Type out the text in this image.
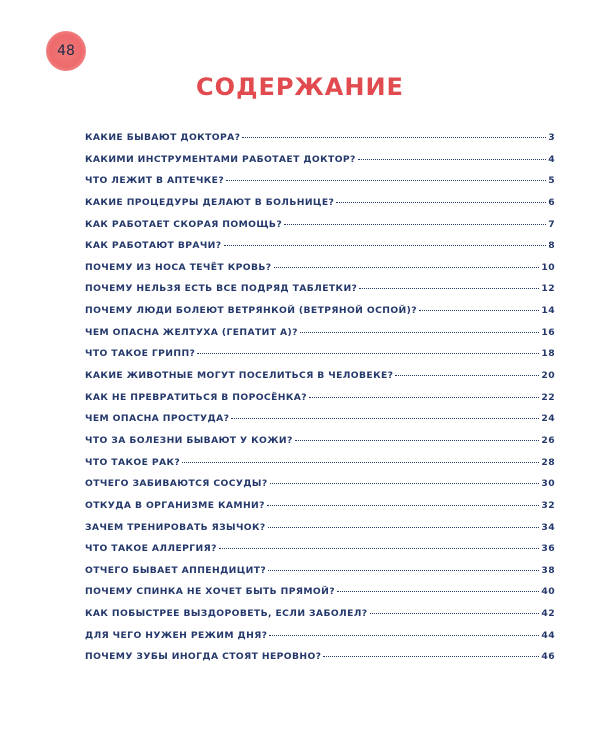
48
СОДЕРЖАНИЕ
КАКИЕ БЫВАЮТ ДОКТОРА?	3
КАКИМИ ИНСТРУМЕНТАМИ РАБОТАЕТ ДОКТОР?	4
ЧТО ЛЕЖИТ В АПТЕЧКЕ?	5
КАКИЕ ПРОЦЕДУРЫ ДЕЛАЮТ В БОЛЬНИЦЕ?	6
КАК РАБОТАЕТ СКОРАЯ ПОМОЩЬ?	7
КАК РАБОТАЮТ ВРАЧИ?	8
ПОЧЕМУ ИЗ НОСА ТЕЧЁТ КРОВЬ?	10
ПОЧЕМУ НЕЛЬЗЯ ЕСТЬ ВСЕ ПОДРЯД ТАБЛЕТКИ?	12
ПОЧЕМУ ЛЮДИ БОЛЕЮТ ВЕТРЯНКОЙ (ВЕТРЯНОЙ ОСПОЙ)?	14
ЧЕМ ОПАСНА ЖЕЛТУХА (ГЕПАТИТ А)?	16
ЧТО ТАКОЕ ГРИПП?	18
КАКИЕ ЖИВОТНЫЕ МОГУТ ПОСЕЛИТЬСЯ В ЧЕЛОВЕКЕ?	20
КАК НЕ ПРЕВРАТИТЬСЯ В ПОРОСЁНКА?	22
ЧЕМ ОПАСНА ПРОСТУДА?	24
ЧТО ЗА БОЛЕЗНИ БЫВАЮТ У КОЖИ?	26
ЧТО ТАКОЕ РАК?	28
ОТЧЕГО ЗАБИВАЮТСЯ СОСУДЫ?	30
ОТКУДА В ОРГАНИЗМЕ КАМНИ?	32
ЗАЧЕМ ТРЕНИРОВАТЬ ЯЗЫЧОК?	34
ЧТО ТАКОЕ АЛЛЕРГИЯ?	36
ОТЧЕГО БЫВАЕТ АППЕНДИЦИТ?	38
ПОЧЕМУ СПИНКА НЕ ХОЧЕТ БЫТЬ ПРЯМОЙ?	40
КАК ПОБЫСТРЕЕ ВЫЗДОРОВЕТЬ, ЕСЛИ ЗАБОЛЕЛ?	42
ДЛЯ ЧЕГО НУЖЕН РЕЖИМ ДНЯ?	44
ПОЧЕМУ ЗУБЫ ИНОГДА СТОЯТ НЕРОВНО?	46
